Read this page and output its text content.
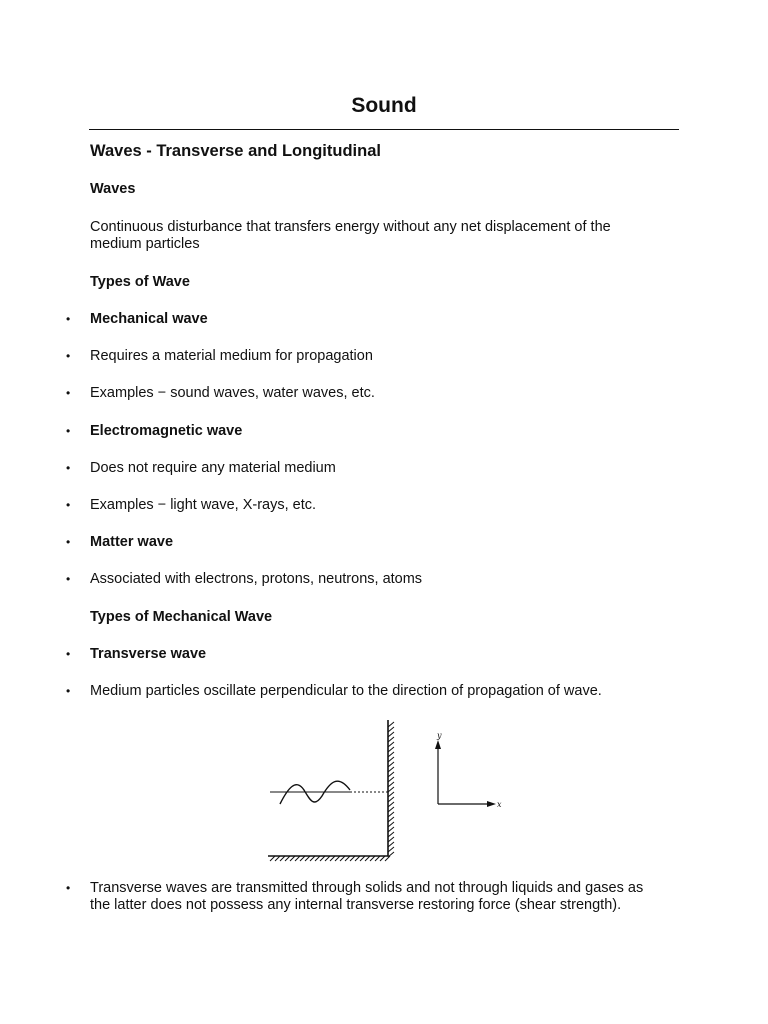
Sound
Waves - Transverse and Longitudinal
Waves
Continuous disturbance that transfers energy without any net displacement of the
medium particles
Types of Wave
• Mechanical wave
• Requires a material medium for propagation
• Examples − sound waves, water waves, etc.
• Electromagnetic wave
• Does not require any material medium
• Examples − light wave, X-rays, etc.
• Matter wave
• Associated with electrons, protons, neutrons, atoms
Types of Mechanical Wave
• Transverse wave
• Medium particles oscillate perpendicular to the direction of propagation of wave.
y
x
• Transverse waves are transmitted through solids and not through liquids and gases as
the latter does not possess any internal transverse restoring force (shear strength).
